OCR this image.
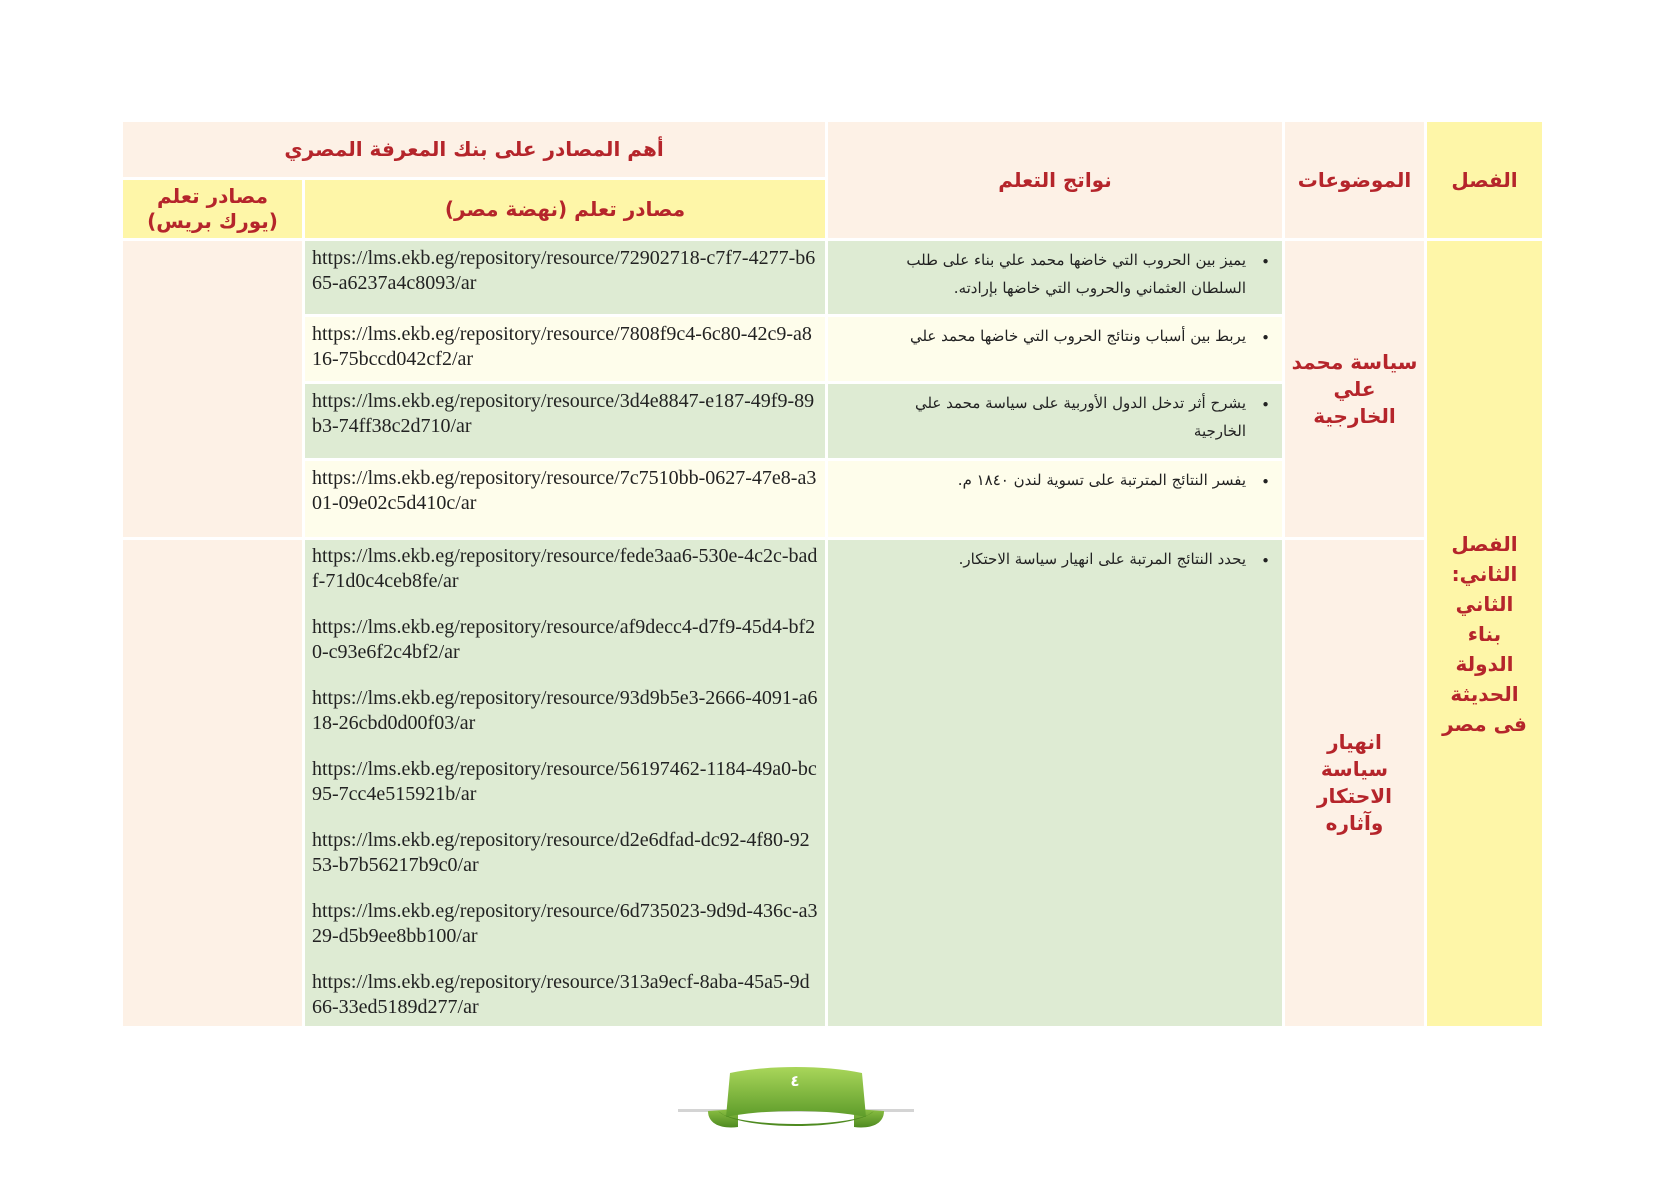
الفصل
الموضوعات
نواتج التعلم
أهم المصادر على بنك المعرفة المصري
مصادر تعلم (نهضة مصر)
مصادر تعلم (يورك بريس)
الفصل الثاني: الثاني بناء الدولة الحديثة فى مصر
سياسة محمد علي الخارجية
انهيار سياسة الاحتكار وآثاره
•
يميز بين الحروب التي خاضها محمد علي بناء على طلب السلطان العثماني والحروب التي خاضها بإرادته.
•
يربط بين أسباب ونتائج الحروب التي خاضها محمد علي
•
يشرح أثر تدخل الدول الأوربية على سياسة محمد علي الخارجية
•
يفسر النتائج المترتبة على تسوية لندن ١٨٤٠ م.
https://lms.ekb.eg/repository/resource/72902718-c7f7-4277-b665-a6237a4c8093/ar
https://lms.ekb.eg/repository/resource/7808f9c4-6c80-42c9-a816-75bccd042cf2/ar
https://lms.ekb.eg/repository/resource/3d4e8847-e187-49f9-89b3-74ff38c2d710/ar
https://lms.ekb.eg/repository/resource/7c7510bb-0627-47e8-a301-09e02c5d410c/ar
•
يحدد النتائج المرتبة على انهيار سياسة الاحتكار.
https://lms.ekb.eg/repository/resource/fede3aa6-530e-4c2c-badf-71d0c4ceb8fe/ar
https://lms.ekb.eg/repository/resource/af9decc4-d7f9-45d4-bf20-c93e6f2c4bf2/ar
https://lms.ekb.eg/repository/resource/93d9b5e3-2666-4091-a618-26cbd0d00f03/ar
https://lms.ekb.eg/repository/resource/56197462-1184-49a0-bc95-7cc4e515921b/ar
https://lms.ekb.eg/repository/resource/d2e6dfad-dc92-4f80-9253-b7b56217b9c0/ar
https://lms.ekb.eg/repository/resource/6d735023-9d9d-436c-a329-d5b9ee8bb100/ar
https://lms.ekb.eg/repository/resource/313a9ecf-8aba-45a5-9d66-33ed5189d277/ar
٤
